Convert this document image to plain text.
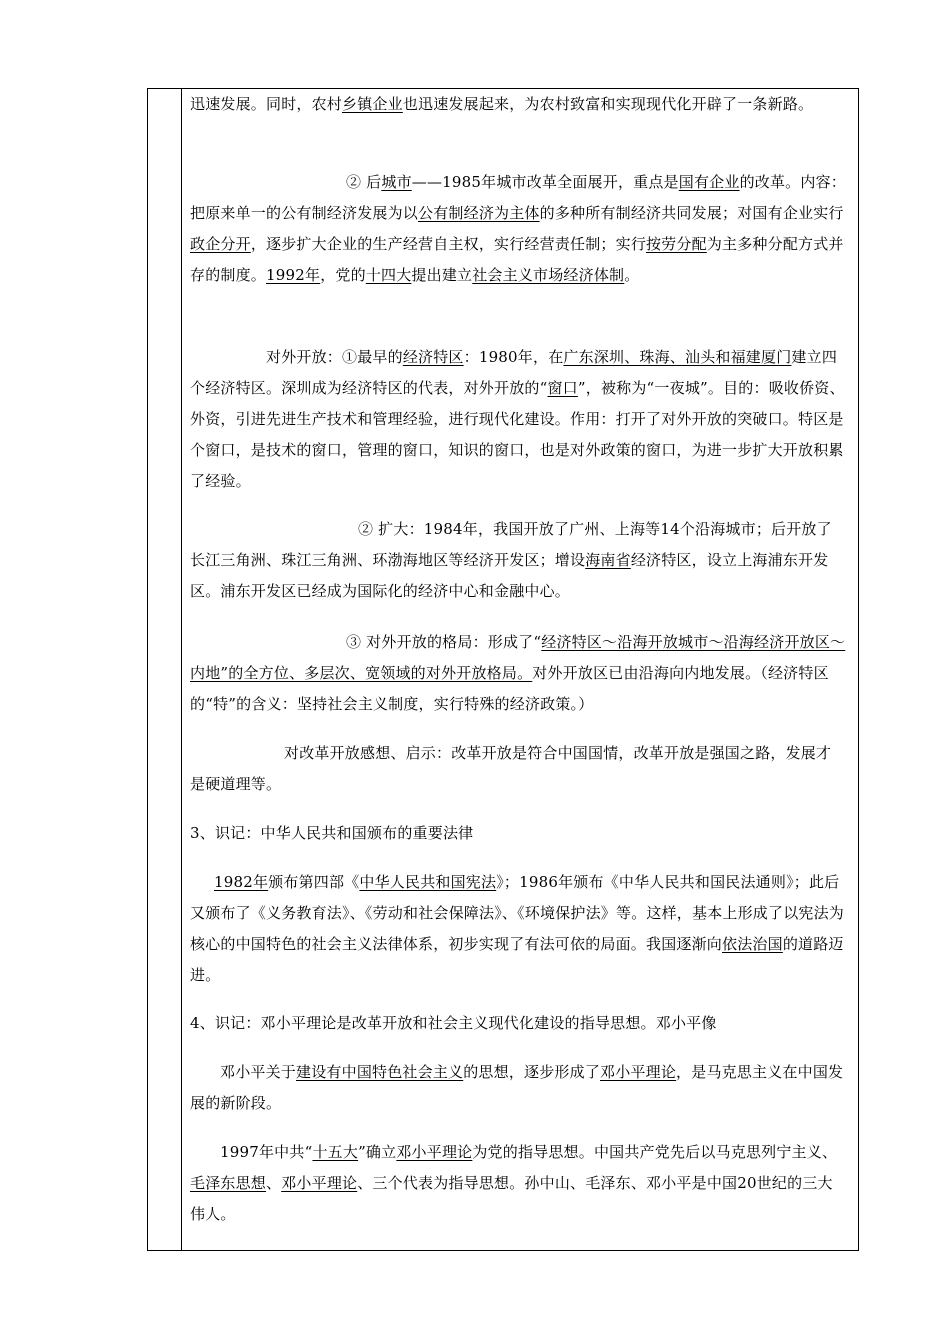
迅速发展。同时，农村乡镇企业也迅速发展起来，为农村致富和实现现代化开辟了一条新路。

② 后城市——1985年城市改革全面展开，重点是国有企业的改革。内容：把原来单一的公有制经济发展为以公有制经济为主体的多种所有制经济共同发展；对国有企业实行政企分开，逐步扩大企业的生产经营自主权，实行经营责任制；实行按劳分配为主多种分配方式并存的制度。1992年，党的十四大提出建立社会主义市场经济体制。

对外开放：①最早的经济特区：1980年，在广东深圳、珠海、汕头和福建厦门建立四个经济特区。深圳成为经济特区的代表，对外开放的“窗口”，被称为“一夜城”。目的：吸收侨资、外资，引进先进生产技术和管理经验，进行现代化建设。作用：打开了对外开放的突破口。特区是个窗口，是技术的窗口，管理的窗口，知识的窗口，也是对外政策的窗口，为进一步扩大开放积累了经验。

② 扩大：1984年，我国开放了广州、上海等14个沿海城市；后开放了长江三角洲、珠江三角洲、环渤海地区等经济开发区；增设海南省经济特区，设立上海浦东开发区。浦东开发区已经成为国际化的经济中心和金融中心。

③ 对外开放的格局：形成了“经济特区～沿海开放城市～沿海经济开放区～内地”的全方位、多层次、宽领域的对外开放格局。对外开放区已由沿海向内地发展。（经济特区的“特”的含义：坚持社会主义制度，实行特殊的经济政策。）

对改革开放感想、启示：改革开放是符合中国国情，改革开放是强国之路，发展才是硬道理等。

3、识记：中华人民共和国颁布的重要法律

1982年颁布第四部《中华人民共和国宪法》；1986年颁布《中华人民共和国民法通则》；此后又颁布了《义务教育法》、《劳动和社会保障法》、《环境保护法》等。这样，基本上形成了以宪法为核心的中国特色的社会主义法律体系，初步实现了有法可依的局面。我国逐渐向依法治国的道路迈进。

4、识记：邓小平理论是改革开放和社会主义现代化建设的指导思想。邓小平像

邓小平关于建设有中国特色社会主义的思想，逐步形成了邓小平理论，是马克思主义在中国发展的新阶段。

1997年中共“十五大”确立邓小平理论为党的指导思想。中国共产党先后以马克思列宁主义、毛泽东思想、邓小平理论、三个代表为指导思想。孙中山、毛泽东、邓小平是中国20世纪的三大伟人。
